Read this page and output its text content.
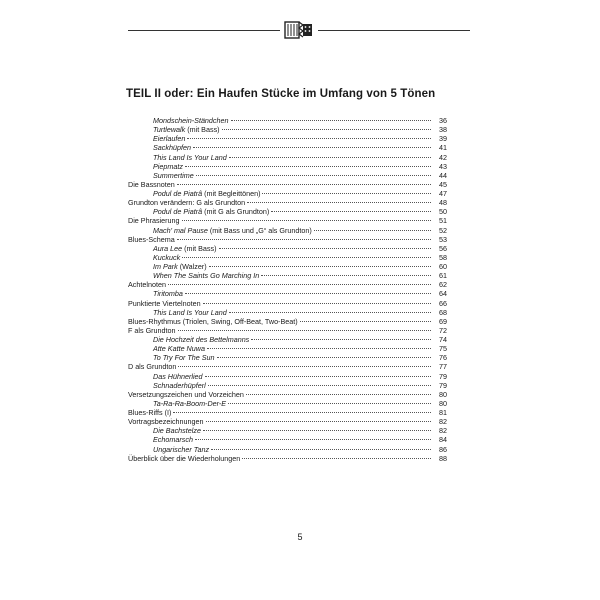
TEIL II oder: Ein Haufen Stücke im Umfang von 5 Tönen
Mondschein-Ständchen	36
Turtlewalk (mit Bass)	38
Eierlaufen	39
Sackhüpfen	41
This Land Is Your Land	42
Piepmatz	43
Summertime	44
Die Bassnoten	45
Podul de Piatrâ (mit Begleittönen)	47
Grundton verändern: G als Grundton	48
Podul de Piatrâ (mit G als Grundton)	50
Die Phrasierung	51
Mach' mal Pause (mit Bass und „G“ als Grundton)	52
Blues-Schema	53
Aura Lee (mit Bass)	56
Kuckuck	58
Im Park (Walzer)	60
When The Saints Go Marching In	61
Achtelnoten	62
Tiritomba	64
Punktierte Viertelnoten	66
This Land Is Your Land	68
Blues-Rhythmus (Triolen, Swing, Off-Beat, Two-Beat)	69
F als Grundton	72
Die Hochzeit des Bettelmanns	74
Atte Katte Nuwa	75
To Try For The Sun	76
D als Grundton	77
Das Hühnerlied	79
Schnaderhüpferl	79
Versetzungszeichen und Vorzeichen	80
Ta-Ra-Ra-Boom-Der-E	80
Blues-Riffs (I)	81
Vortragsbezeichnungen	82
Die Bachstelze	82
Echomarsch	84
Ungarischer Tanz	86
Überblick über die Wiederholungen	88
5
